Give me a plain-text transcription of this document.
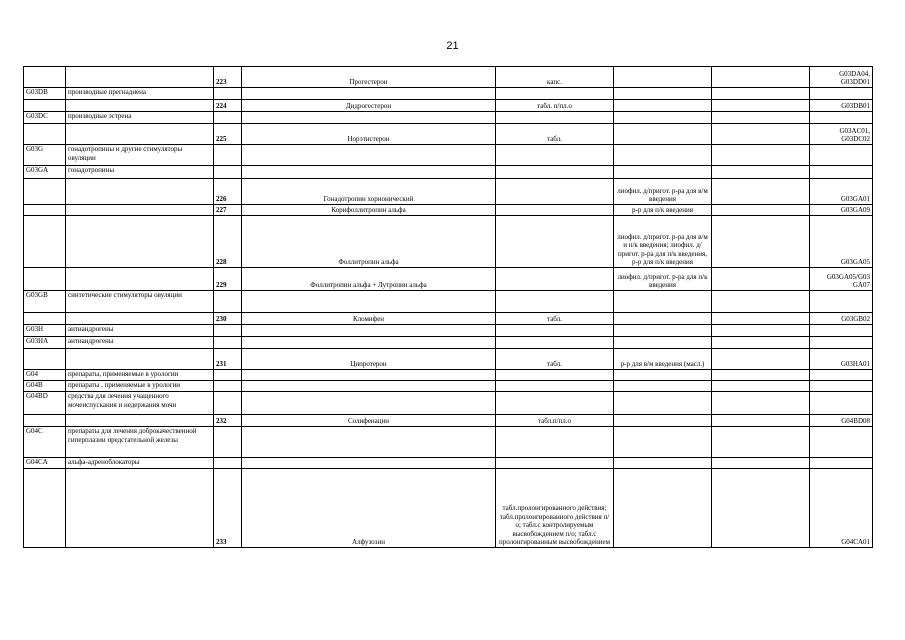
21
		223	Прогестерон	капс.			G03DA04,
G03DD01
G03DB	производные прегнадиена						
		224	Дидрогестерон	табл. п/пл.о			G03DB01
G03DC	производные эстрена						
		225	Норэтистерон	табл.			G03AC01,
G03DC02
G03G	гонадотропины и другие стимуляторы овуляции						
G03GA	гонадотропины						
		226	Гонадотропин хорионический		лиофил. д/пригот. р-ра для в/м введения		G03GA01
		227	Корифоллитропин альфа		р-р для п/к введения		G03GA09
		228	Фоллитропин альфа		лиофил. д/пригот. р-ра для в/м и п/к введения; лиофил. д/пригот. р-ра для п/к введения, р-р для п/к введения		G03GA05
		229	Фоллитропин альфа + Лутропин альфа		лиофил. д/пригот. р-ра для п/к введения		G03GA05/G03
GA07
G03GB	синтетические стимуляторы овуляции						
		230	Кломифен	табл.			G03GB02
G03H	антиандрогены						
G03HA	антиандрогены						
		231	Ципротерон	табл.	р-р для в/м введения (масл.)		G03HA01
G04	препараты, применяемые в урологии						
G04B	препараты , применяемые в урологии						
G04BD	средства для лечения учащенного мочеиспускания и недержания мочи						
		232	Солифенацин	табл.п/пл.о			G04BD08
G04C	препараты для лечения доброкачественной гиперплазии предстательной железы						
G04CA	альфа-адреноблокаторы						
		233	Алфузозин	табл.пролонгированного действия; табл.пролонгированного действия п/о; табл.с контролируемым высвобождением п/о; табл.с пролонгированным высвобождением			G04CA01
